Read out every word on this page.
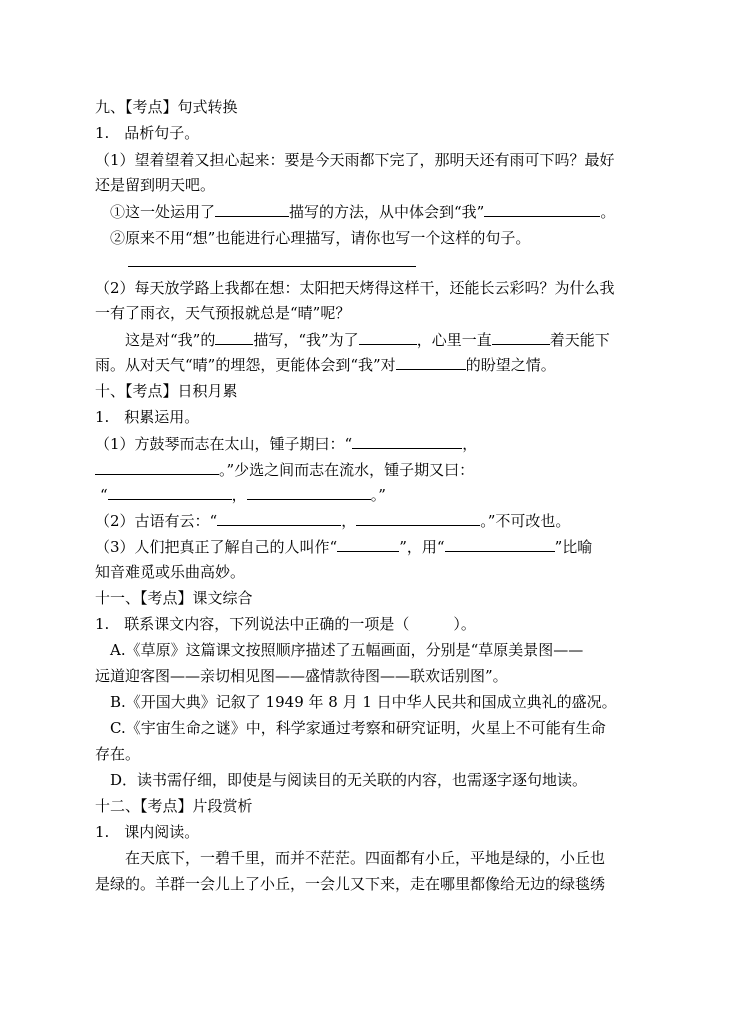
九、【考点】句式转换
1.　品析句子。
（1）望着望着又担心起来：要是今天雨都下完了，那明天还有雨可下吗？最好
还是留到明天吧。
①这一处运用了	描写的方法，从中体会到“我”	。
②原来不用“想”也能进行心理描写，请你也写一个这样的句子。
（2）每天放学路上我都在想：太阳把天烤得这样干，还能长云彩吗？为什么我
一有了雨衣，天气预报就总是“晴”呢？
这是对“我”的	描写，“我”为了	，心里一直	着天能下
雨。从对天气“晴”的埋怨，更能体会到“我”对	的盼望之情。
十、【考点】日积月累
1.　积累运用。
（1）方鼓琴而志在太山，锺子期曰：“	，
。”少选之间而志在流水，锺子期又曰：
“	，	。”
（2）古语有云：“	，	。”不可改也。
（3）人们把真正了解自己的人叫作“	”，用“	”比喻
知音难觅或乐曲高妙。
十一、【考点】课文综合
1.　联系课文内容，下列说法中正确的一项是（	）。
A.《草原》这篇课文按照顺序描述了五幅画面，分别是“草原美景图——
远道迎客图——亲切相见图——盛情款待图——联欢话别图”。
B.《开国大典》记叙了 1949 年 8 月 1 日中华人民共和国成立典礼的盛况。
C.《宇宙生命之谜》中，科学家通过考察和研究证明，火星上不可能有生命
存在。
D．读书需仔细，即使是与阅读目的无关联的内容，也需逐字逐句地读。
十二、【考点】片段赏析
1.　课内阅读。
在天底下，一碧千里，而并不茫茫。四面都有小丘，平地是绿的，小丘也
是绿的。羊群一会儿上了小丘，一会儿又下来，走在哪里都像给无边的绿毯绣
